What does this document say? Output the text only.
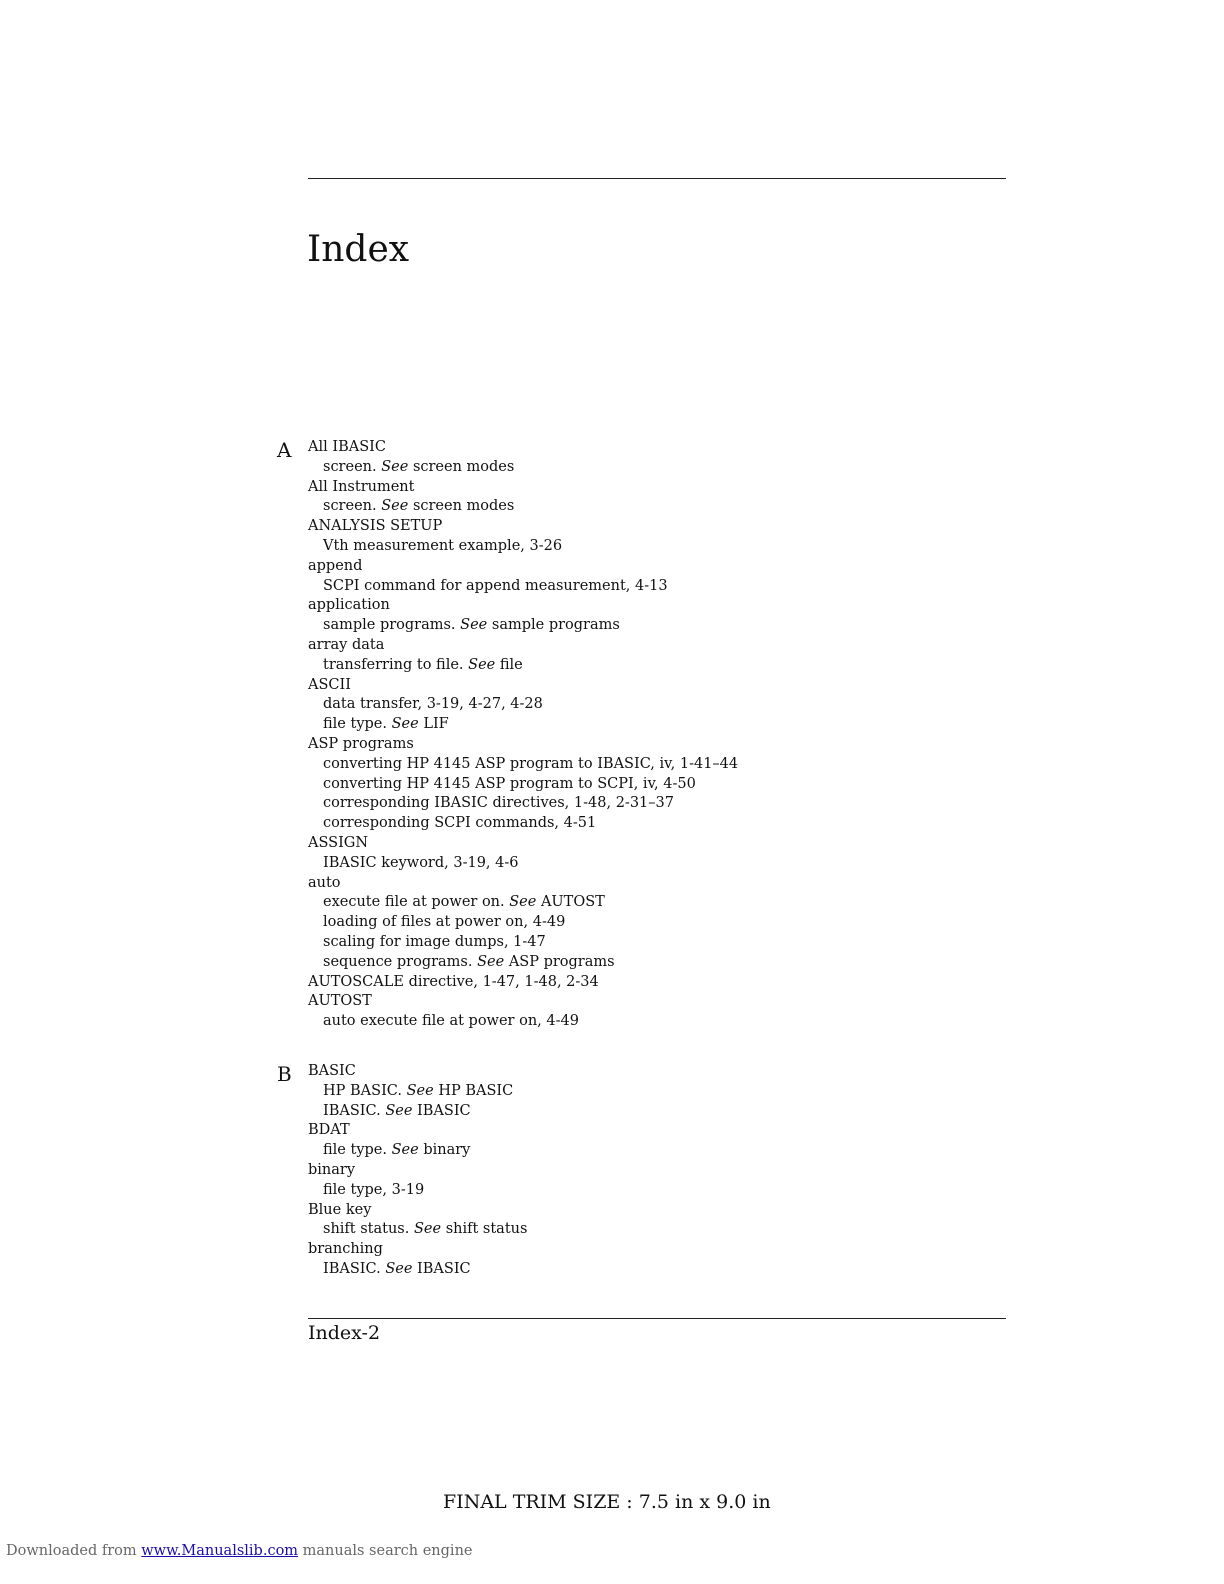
Index
A All IBASIC
screen. See screen modes
All Instrument
screen. See screen modes
ANALYSIS SETUP
Vth measurement example, 3-26
append
SCPI command for append measurement, 4-13
application
sample programs. See sample programs
array data
transferring to file. See file
ASCII
data transfer, 3-19, 4-27, 4-28
file type. See LIF
ASP programs
converting HP 4145 ASP program to IBASIC, iv, 1-41–44
converting HP 4145 ASP program to SCPI, iv, 4-50
corresponding IBASIC directives, 1-48, 2-31–37
corresponding SCPI commands, 4-51
ASSIGN
IBASIC keyword, 3-19, 4-6
auto
execute file at power on. See AUTOST
loading of files at power on, 4-49
scaling for image dumps, 1-47
sequence programs. See ASP programs
AUTOSCALE directive, 1-47, 1-48, 2-34
AUTOST
auto execute file at power on, 4-49
B BASIC
HP BASIC. See HP BASIC
IBASIC. See IBASIC
BDAT
file type. See binary
binary
file type, 3-19
Blue key
shift status. See shift status
branching
IBASIC. See IBASIC
Index-2
FINAL TRIM SIZE : 7.5 in x 9.0 in
Downloaded from www.Manualslib.com manuals search engine
